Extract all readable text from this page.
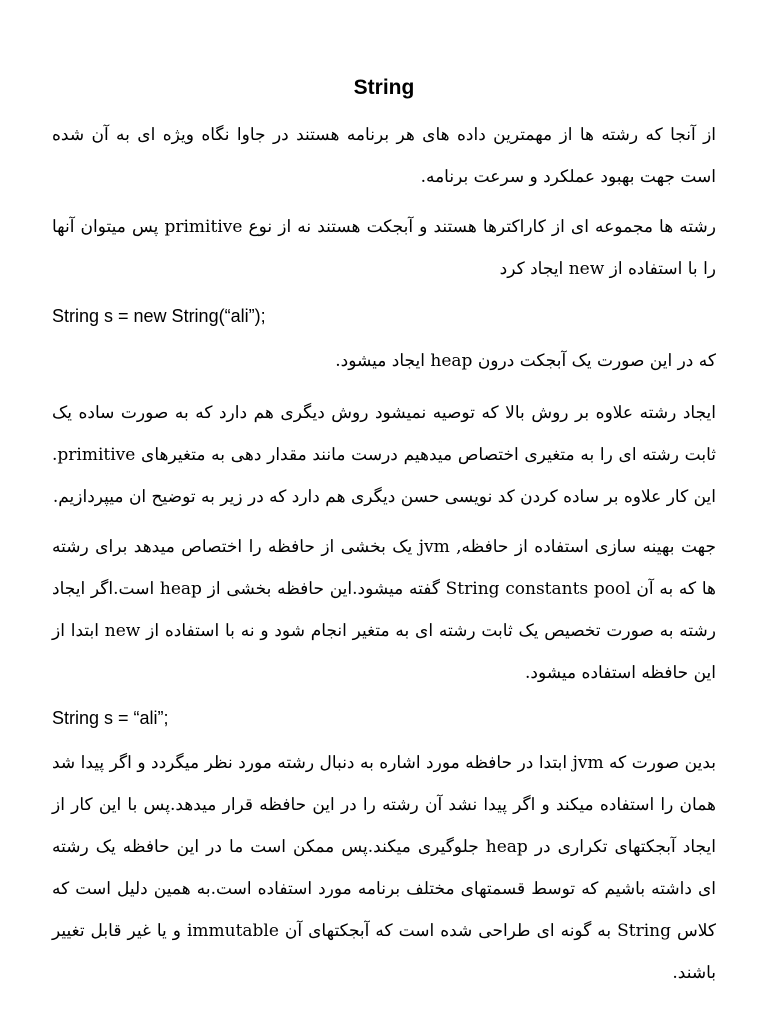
String

از آنجا که رشته ها از مهمترین داده های هر برنامه هستند در جاوا نگاه ویژه ای به آن شده است جهت بهبود عملکرد و سرعت برنامه.

رشته ها مجموعه ای از کاراکترها هستند و آبجکت هستند نه از نوع primitive پس میتوان آنها را با استفاده از new ایجاد کرد

String s = new String(“ali”);

که در این صورت یک آبجکت درون heap ایجاد میشود.

ایجاد رشته علاوه بر روش بالا که توصیه نمیشود روش دیگری هم دارد که به صورت ساده یک ثابت رشته ای را به متغیری اختصاص میدهیم درست مانند مقدار دهی به متغیرهای primitive. این کار علاوه بر ساده کردن کد نویسی حسن دیگری هم دارد که در زیر به توضیح ان میپردازیم.

جهت بهینه سازی استفاده از حافظه, jvm یک بخشی از حافظه را اختصاص میدهد برای رشته ها که به آن String constants pool گفته میشود.این حافظه بخشی از heap است.اگر ایجاد رشته به صورت تخصیص یک ثابت رشته ای به متغیر انجام شود و نه با استفاده از new ابتدا از این حافظه استفاده میشود.

String s = “ali”;

بدین صورت که jvm ابتدا در حافظه مورد اشاره به دنبال رشته مورد نظر میگردد و اگر پیدا شد همان را استفاده میکند و اگر پیدا نشد آن رشته را در این حافظه قرار میدهد.پس با این کار از ایجاد آبجکتهای تکراری در heap جلوگیری میکند.پس ممکن است ما در این حافظه یک رشته ای داشته باشیم که توسط قسمتهای مختلف برنامه مورد استفاده است.به همین دلیل است که کلاس String به گونه ای طراحی شده است که آبجکتهای آن immutable و یا غیر قابل تغییر باشند.
